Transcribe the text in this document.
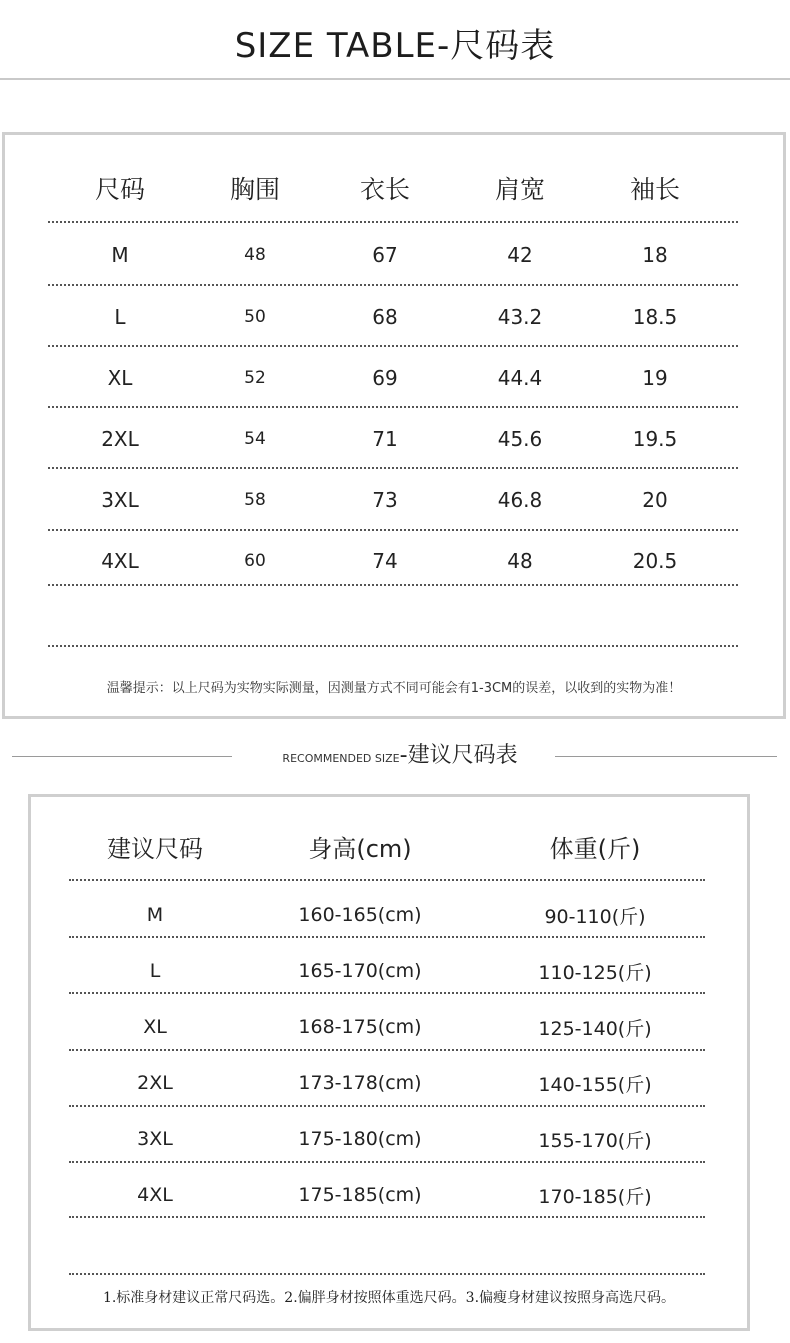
SIZE TABLE-尺码表
尺码	胸围	衣长	肩宽	袖长
M	48	67	42	18
L	50	68	43.2	18.5
XL	52	69	44.4	19
2XL	54	71	45.6	19.5
3XL	58	73	46.8	20
4XL	60	74	48	20.5
温馨提示：以上尺码为实物实际测量，因测量方式不同可能会有1-3CM的误差，以收到的实物为准！
RECOMMENDED SIZE-建议尺码表
建议尺码	身高(cm)	体重(斤)
M	160-165(cm)	90-110(斤)
L	165-170(cm)	110-125(斤)
XL	168-175(cm)	125-140(斤)
2XL	173-178(cm)	140-155(斤)
3XL	175-180(cm)	155-170(斤)
4XL	175-185(cm)	170-185(斤)
1.标准身材建议正常尺码选。2.偏胖身材按照体重选尺码。3.偏瘦身材建议按照身高选尺码。
